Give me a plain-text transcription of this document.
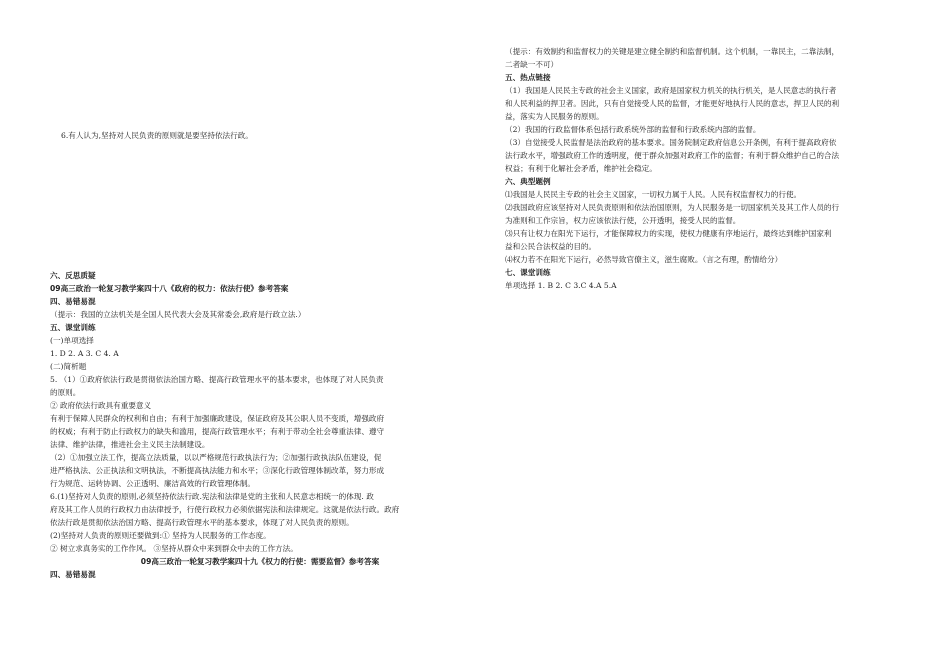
6.有人认为,坚持对人民负责的原则就是要坚持依法行政。

六、反思质疑

09高三政治一轮复习教学案四十八《政府的权力：依法行使》参考答案

四、易错易混

（提示：我国的立法机关是全国人民代表大会及其常委会,政府是行政立法.）

五、课堂训练

(一)单项选择

1. D 2. A 3. C 4. A

(二)简析题

5. （1）①政府依法行政是贯彻依法治国方略、提高行政管理水平的基本要求，也体现了对人民负责

的原则。

② 政府依法行政具有重要意义

有利于保障人民群众的权利和自由；有利于加强廉政建设，保证政府及其公职人员不变质，增强政府

的权威；有利于防止行政权力的缺失和滥用，提高行政管理水平；有利于带动全社会尊重法律、遵守

法律、维护法律，推进社会主义民主法制建设。

（2）①加强立法工作，提高立法质量，以以严格规范行政执法行为；②加强行政执法队伍建设，促

进严格执法、公正执法和文明执法，不断提高执法能力和水平；③深化行政管理体制改革，努力形成

行为规范、运转协调、公正透明、廉洁高效的行政管理体制。

6.(1)坚持对人负责的原则,必须坚持依法行政.宪法和法律是党的主张和人民意志相统一的体现. 政

府及其工作人员的行政权力由法律授予，行使行政权力必须依据宪法和法律规定。这就是依法行政。政府

依法行政是贯彻依法治国方略、提高行政管理水平的基本要求，体现了对人民负责的原则。

(2)坚持对人负责的原则还要做到:① 坚持为人民服务的工作态度。

② 树立求真务实的工作作风。 ③坚持从群众中来到群众中去的工作方法。

09高三政治一轮复习教学案四十九《权力的行使：需要监督》参考答案

四、易错易混

（提示：有效制约和监督权力的关键是建立健全制约和监督机制。这个机制，一靠民主，二靠法制，

二者缺一不可）

五、热点链接

（1）我国是人民民主专政的社会主义国家，政府是国家权力机关的执行机关，是人民意志的执行者

和人民利益的捍卫者。因此，只有自觉接受人民的监督，才能更好地执行人民的意志，捍卫人民的利

益，落实为人民服务的原则。

（2）我国的行政监督体系包括行政系统外部的监督和行政系统内部的监督。

（3）自觉接受人民监督是法治政府的基本要求。国务院制定政府信息公开条例，有利于提高政府依

法行政水平，增强政府工作的透明度，便于群众加强对政府工作的监督；有利于群众维护自己的合法

权益；有利于化解社会矛盾，维护社会稳定。

六、典型题例

⑴我国是人民民主专政的社会主义国家，一切权力属于人民。人民有权监督权力的行使。

⑵我国政府应该坚持对人民负责原则和依法治国原则，为人民服务是一切国家机关及其工作人员的行

为准则和工作宗旨，权力应该依法行使，公开透明，接受人民的监督。

⑶只有让权力在阳光下运行，才能保障权力的实现，使权力健康有序地运行，最终达到维护国家利

益和公民合法权益的目的。

⑷权力若不在阳光下运行，必然导致官僚主义，滋生腐败。（言之有理，酌情给分）

七、课堂训练

单项选择 1. B 2. C 3.C 4.A 5.A
